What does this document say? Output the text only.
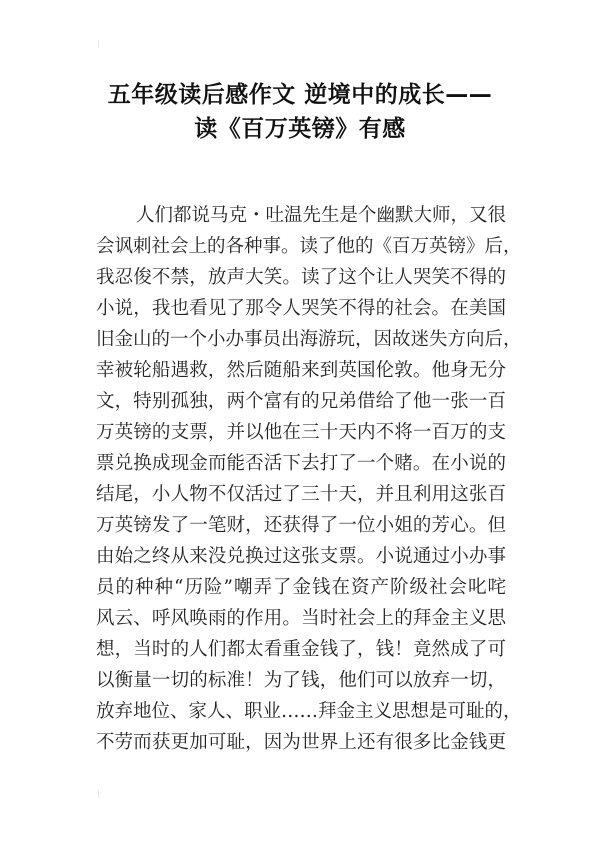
五年级读后感作文 逆境中的成长——
读《百万英镑》有感
人们都说马克・吐温先生是个幽默大师，又很
会讽刺社会上的各种事。读了他的《百万英镑》后，
我忍俊不禁，放声大笑。读了这个让人哭笑不得的
小说，我也看见了那令人哭笑不得的社会。在美国
旧金山的一个小办事员出海游玩，因故迷失方向后，
幸被轮船遇救，然后随船来到英国伦敦。他身无分
文，特别孤独，两个富有的兄弟借给了他一张一百
万英镑的支票，并以他在三十天内不将一百万的支
票兑换成现金而能否活下去打了一个赌。在小说的
结尾，小人物不仅活过了三十天，并且利用这张百
万英镑发了一笔财，还获得了一位小姐的芳心。但
由始之终从来没兑换过这张支票。小说通过小办事
员的种种“历险”嘲弄了金钱在资产阶级社会叱咤
风云、呼风唤雨的作用。当时社会上的拜金主义思
想，当时的人们都太看重金钱了，钱！竟然成了可
以衡量一切的标准！为了钱，他们可以放弃一切，
放弃地位、家人、职业……拜金主义思想是可耻的，
不劳而获更加可耻，因为世界上还有很多比金钱更
